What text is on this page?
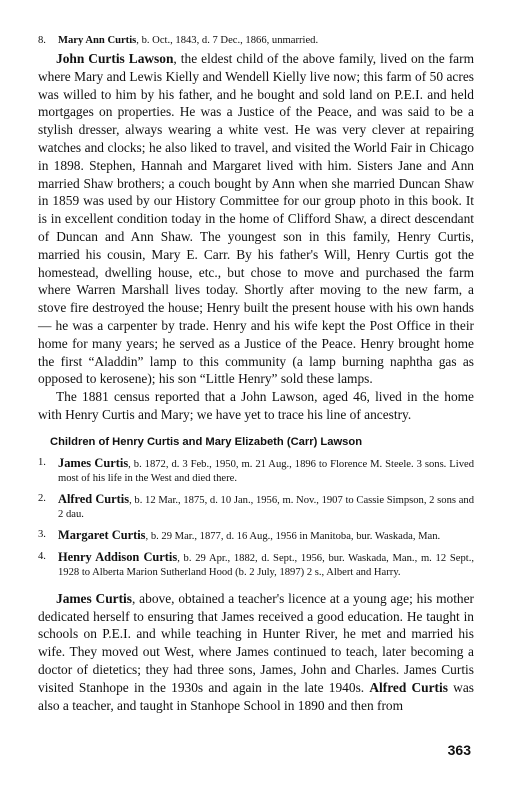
8. Mary Ann Curtis, b. Oct., 1843, d. 7 Dec., 1866, unmarried.

John Curtis Lawson, the eldest child of the above family, lived on the farm where Mary and Lewis Kielly and Wendell Kielly live now; this farm of 50 acres was willed to him by his father, and he bought and sold land on P.E.I. and held mortgages on properties. He was a Justice of the Peace, and was said to be a stylish dresser, always wearing a white vest. He was very clever at repairing watches and clocks; he also liked to travel, and visited the World Fair in Chicago in 1898. Stephen, Hannah and Margaret lived with him. Sisters Jane and Ann married Shaw brothers; a couch bought by Ann when she married Duncan Shaw in 1859 was used by our History Committee for our group photo in this book. It is in excellent condition today in the home of Clifford Shaw, a direct descendant of Duncan and Ann Shaw. The youngest son in this family, Henry Curtis, married his cousin, Mary E. Carr. By his father's Will, Henry Curtis got the homestead, dwelling house, etc., but chose to move and purchased the farm where Warren Marshall lives today. Shortly after moving to the new farm, a stove fire destroyed the house; Henry built the present house with his own hands — he was a carpenter by trade. Henry and his wife kept the Post Office in their home for many years; he served as a Justice of the Peace. Henry brought home the first “Aladdin” lamp to this community (a lamp burning naphtha gas as opposed to kerosene); his son “Little Henry” sold these lamps.

The 1881 census reported that a John Lawson, aged 46, lived in the home with Henry Curtis and Mary; we have yet to trace his line of ancestry.

Children of Henry Curtis and Mary Elizabeth (Carr) Lawson
1. James Curtis, b. 1872, d. 3 Feb., 1950, m. 21 Aug., 1896 to Florence M. Steele. 3 sons. Lived most of his life in the West and died there.
2. Alfred Curtis, b. 12 Mar., 1875, d. 10 Jan., 1956, m. Nov., 1907 to Cassie Simpson, 2 sons and 2 dau.
3. Margaret Curtis, b. 29 Mar., 1877, d. 16 Aug., 1956 in Manitoba, bur. Waskada, Man.
4. Henry Addison Curtis, b. 29 Apr., 1882, d. Sept., 1956, bur. Waskada, Man., m. 12 Sept., 1928 to Alberta Marion Sutherland Hood (b. 2 July, 1897) 2 s., Albert and Harry.

James Curtis, above, obtained a teacher's licence at a young age; his mother dedicated herself to ensuring that James received a good education. He taught in schools on P.E.I. and while teaching in Hunter River, he met and married his wife. They moved out West, where James continued to teach, later becoming a doctor of dietetics; they had three sons, James, John and Charles. James Curtis visited Stanhope in the 1930s and again in the late 1940s. Alfred Curtis was also a teacher, and taught in Stanhope School in 1890 and then from

363
